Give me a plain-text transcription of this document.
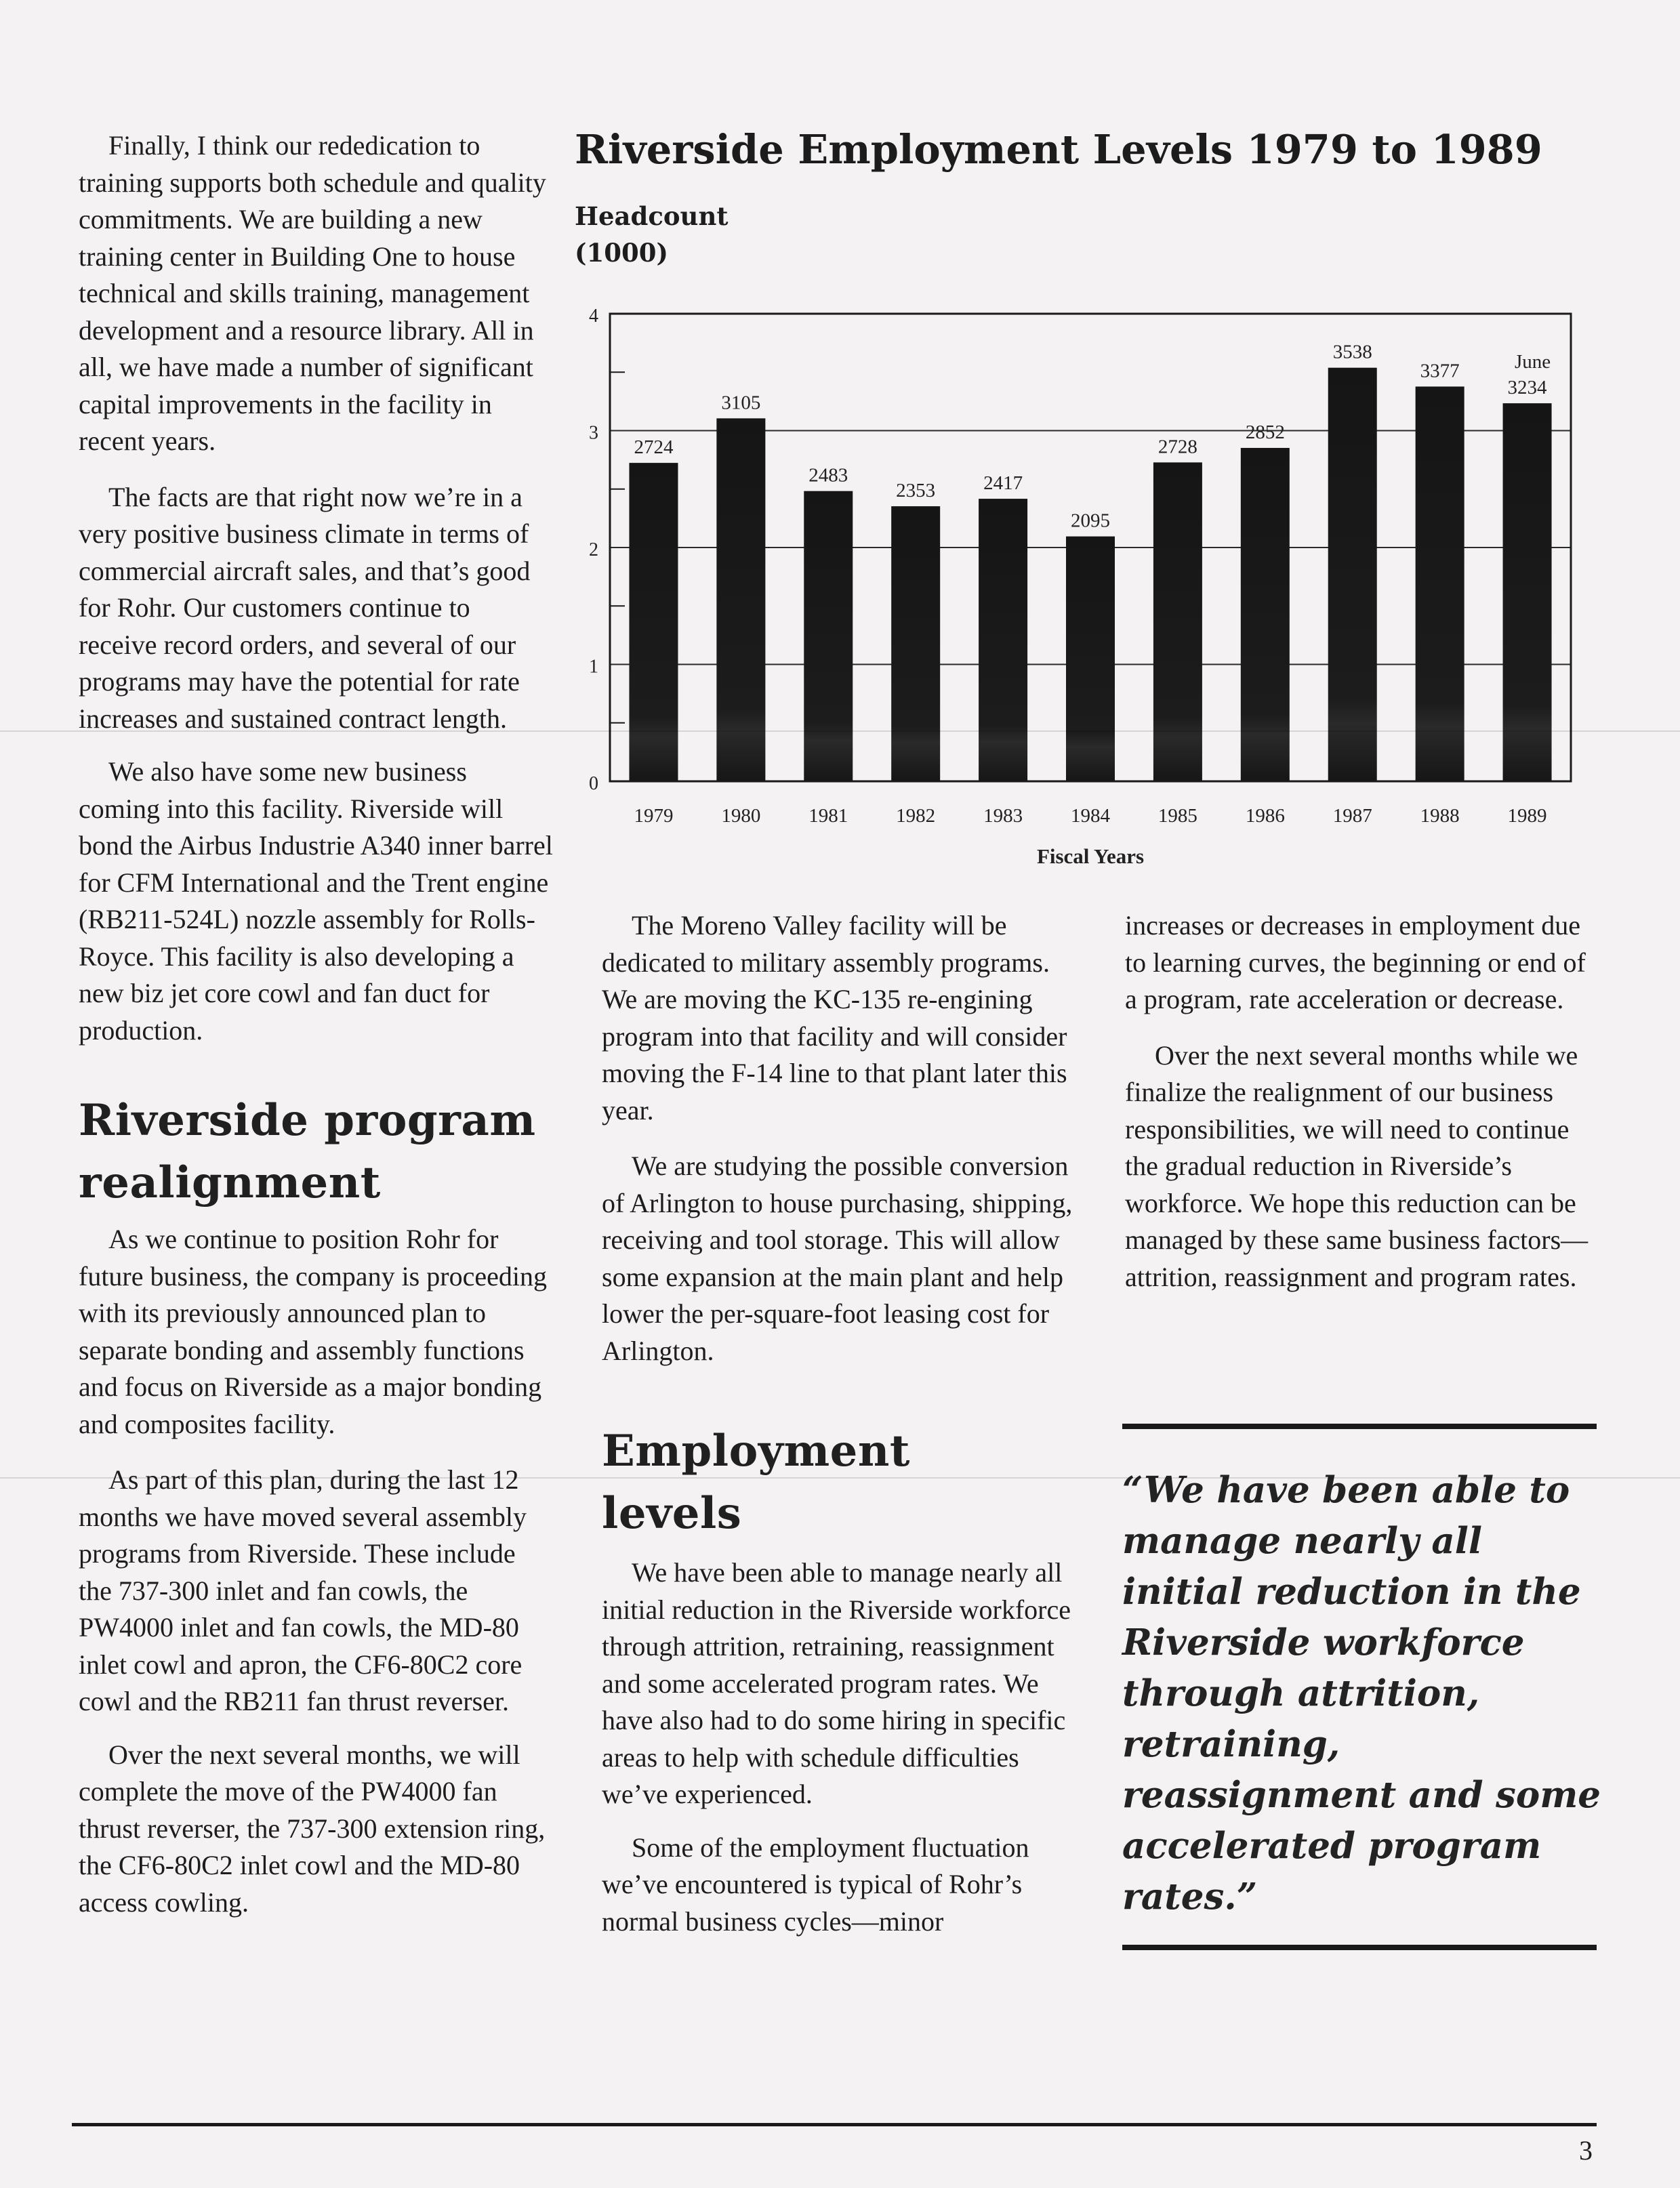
Finally, I think our rededication to training supports both schedule and quality commitments. We are building a new training center in Building One to house technical and skills training, management development and a resource library. All in all, we have made a number of significant capital improvements in the facility in recent years.

The facts are that right now we’re in a very positive business climate in terms of commercial aircraft sales, and that’s good for Rohr. Our customers continue to receive record orders, and several of our programs may have the potential for rate increases and sustained contract length.

We also have some new business coming into this facility. Riverside will bond the Airbus Industrie A340 inner barrel for CFM International and the Trent engine (RB211-524L) nozzle assembly for Rolls-Royce. This facility is also developing a new biz jet core cowl and fan duct for production.

Riverside program realignment

As we continue to position Rohr for future business, the company is proceeding with its previously announced plan to separate bonding and assembly functions and focus on Riverside as a major bonding and composites facility.

As part of this plan, during the last 12 months we have moved several assembly programs from Riverside. These include the 737-300 inlet and fan cowls, the PW4000 inlet and fan cowls, the MD-80 inlet cowl and apron, the CF6-80C2 core cowl and the RB211 fan thrust reverser.

Over the next several months, we will complete the move of the PW4000 fan thrust reverser, the 737-300 extension ring, the CF6-80C2 inlet cowl and the MD-80 access cowling.

Riverside Employment Levels 1979 to 1989
Headcount
(1000)
2724
3105
2483
2353 2417
2095
2728
2852
3538
3377
3234
June
0
1
2
3
4
1979 1980 1981 1982 1983 1984 1985 1986 1987 1988 1989
Fiscal Years

The Moreno Valley facility will be dedicated to military assembly programs. We are moving the KC-135 re-engining program into that facility and will consider moving the F-14 line to that plant later this year.

We are studying the possible conversion of Arlington to house purchasing, shipping, receiving and tool storage. This will allow some expansion at the main plant and help lower the per-square-foot leasing cost for Arlington.

Employment levels

We have been able to manage nearly all initial reduction in the Riverside workforce through attrition, retraining, reassignment and some accelerated program rates. We have also had to do some hiring in specific areas to help with schedule difficulties we’ve experienced.

Some of the employment fluctuation we’ve encountered is typical of Rohr’s normal business cycles—minor

increases or decreases in employment due to learning curves, the beginning or end of a program, rate acceleration or decrease.

Over the next several months while we finalize the realignment of our business responsibilities, we will need to continue the gradual reduction in Riverside’s workforce. We hope this reduction can be managed by these same business factors—attrition, reassignment and program rates.

“We have been able to manage nearly all initial reduction in the Riverside workforce through attrition, retraining, reassignment and some accelerated program rates.”

3
